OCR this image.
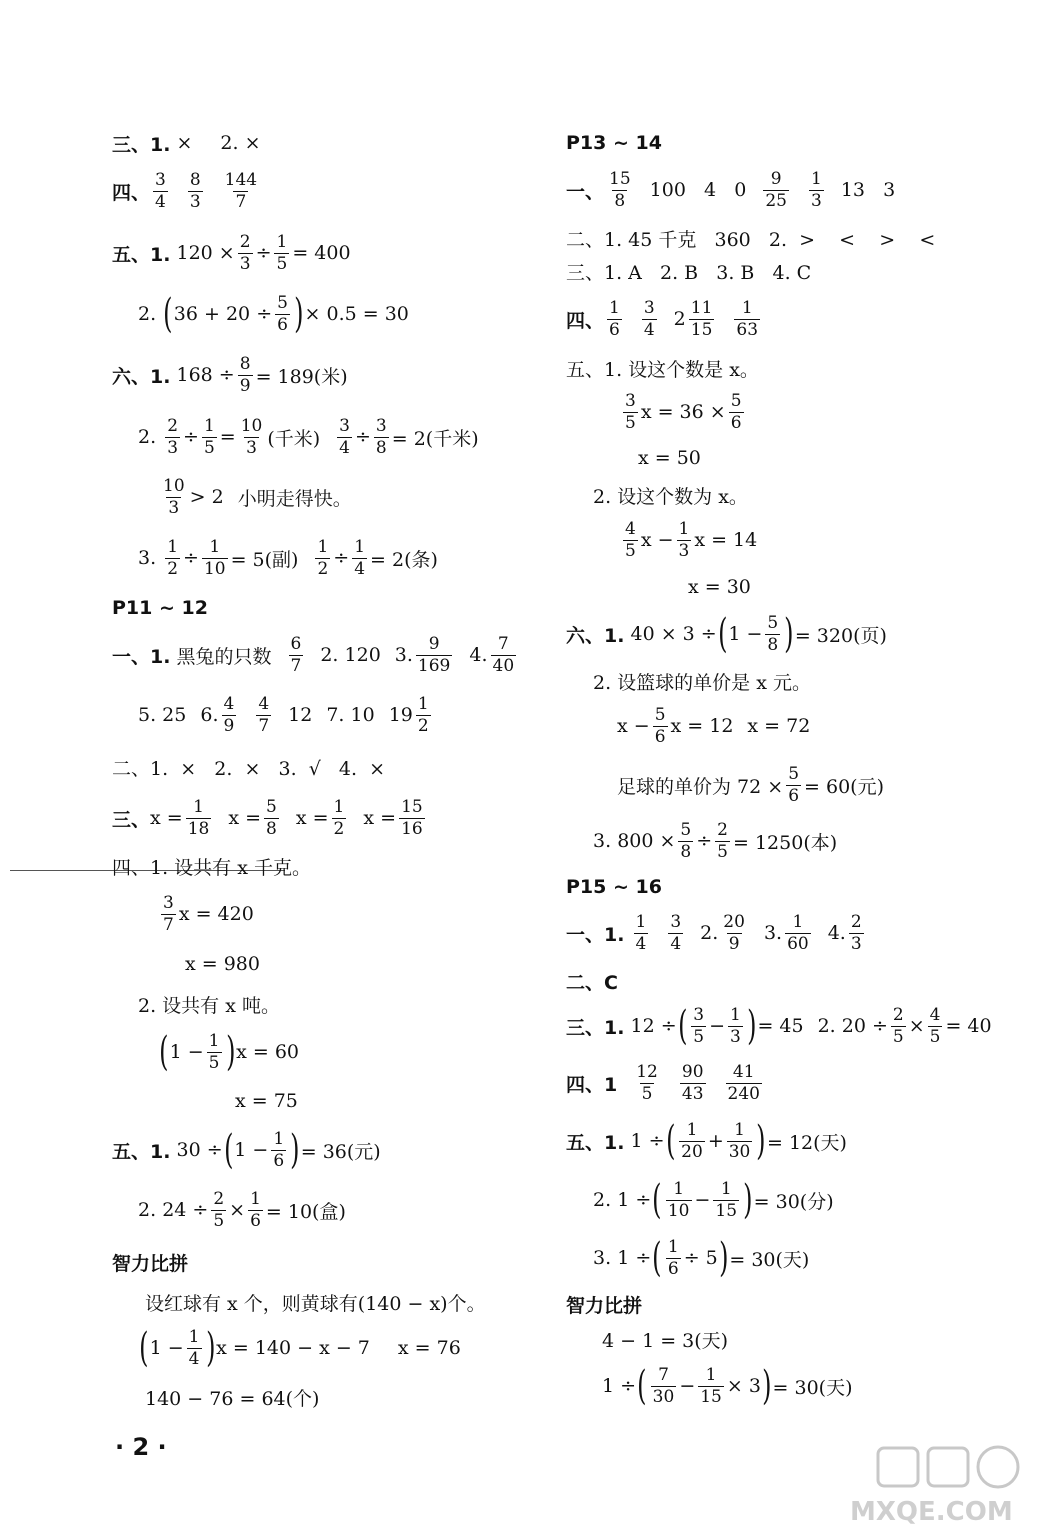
三、1.
× 2.
×
四、
3
4
8
3
144
7
五、1.
$120 \times \frac{2}{3} \div \frac{1}{5} = 400$
2.
( $36 + 20 \div \frac{5}{6}$ ) × 0.5 = 30
六、1.
$168 \div \frac{8}{9} = 189$(米)
2.
$\frac{2}{3} \div \frac{1}{5} = \frac{10}{3}$ (千米) $\frac{3}{4} \div \frac{3}{8} = 2$(千米)
10
3 > 2 小明走得快。
3.
$\frac{1}{2} \div \frac{1}{10} = 5$(副) $\frac{1}{2} \div \frac{1}{4} = 2$(条)
P11 ~ 12
一、1.
黑兔的只数
6
7 2. 120 3.
9
169 4.
7
40
5. 25 6.
4
9
4
7 12 7. 10 19
1
2
二、1.  ×   2.  ×   3.  √   4.  ×
三、 $x = \frac{1}{18}$ $x = \frac{5}{8}$ $x = \frac{1}{2}$ $x = \frac{15}{16}$
四、1. 设共有 x 千克。
3
7 x = 420
x = 980
2. 设共有 x 吨。
( $1 - \frac{1}{5}$ ) x = 60
x = 75
五、1.
30 ÷ ( $1 - \frac{1}{6}$ ) = 36(元)
2.
$24 \div \frac{2}{5} \times \frac{1}{6} = 10$(盒)
智力比拼
设红球有 x 个，则黄球有(140 − x)个。
( $1 - \frac{1}{4}$ ) x = 140 − x − 7 x = 76
140 − 76 = 64(个)
· 2 ·
P13 ~ 14
一、
15
8 100   4   0
9
25
1
3 13   3
二、1. 45 千克   360   2.  >    <    >    <
三、1. A   2. B   3. B   4. C
四、
1
6
3
4 2
11
15
1
63
五、1. 设这个数是 x。
3
5 $x = 36 \times \frac{5}{6}$
x = 50
2. 设这个数为 x。
4
5 $x - \frac{1}{3}$ x = 14
x = 30
六、1.
40 × 3 ÷ ( $1 - \frac{5}{8}$ ) = 320(页)
2. 设篮球的单价是 x 元。
$x - \frac{5}{6}$ x = 12 x = 72
足球的单价为 $72 \times \frac{5}{6} = 60$(元)
3.
$800 \times \frac{5}{8} \div \frac{2}{5} = 1250$(本)
P15 ~ 16
一、1.

1
4
3
4 2.
20
9 3.
1
60 4.
2
3
二、C
三、1.
12 ÷ ( 3
$5 - \frac{1}{3}$ ) = 45 2. $20 \div \frac{2}{5} \times \frac{4}{5} = 40$
四、1
12
5
90
43
41
240
五、1.
1 ÷ ( 1
$20 + \frac{1}{30}$ ) = 12(天)
2.
1 ÷ ( 1
$10 - \frac{1}{15}$ ) = 30(分)
3.
1 ÷ ( $\frac{1}{6} \div 5$ ) = 30(天)
智力比拼
4 − 1 = 3(天)
1 ÷ ( 7
$30 - \frac{1}{15} \times 3$ ) = 30(天)
MXQE.COM
